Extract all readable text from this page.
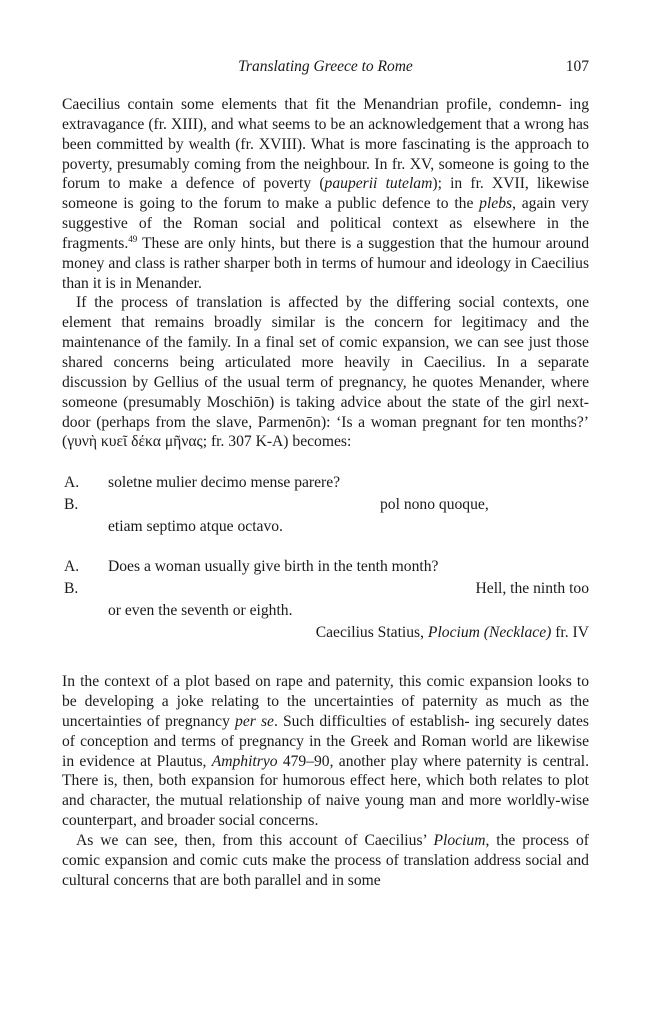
Translating Greece to Rome	107

Caecilius contain some elements that fit the Menandrian profile, condemn- ing extravagance (fr. XIII), and what seems to be an acknowledgement that a wrong has been committed by wealth (fr. XVIII). What is more fascinating is the approach to poverty, presumably coming from the neighbour. In fr. XV, someone is going to the forum to make a defence of poverty (pauperii tutelam); in fr. XVII, likewise someone is going to the forum to make a public defence to the plebs, again very suggestive of the Roman social and political context as elsewhere in the fragments.$^{49}$ These are only hints, but there is a suggestion that the humour around money and class is rather sharper both in terms of humour and ideology in Caecilius than it is in Menander.

If the process of translation is affected by the differing social contexts, one element that remains broadly similar is the concern for legitimacy and the maintenance of the family. In a final set of comic expansion, we can see just those shared concerns being articulated more heavily in Caecilius. In a separate discussion by Gellius of the usual term of pregnancy, he quotes Menander, where someone (presumably Moschiōn) is taking advice about the state of the girl next-door (perhaps from the slave, Parmenōn): ‘Is a woman pregnant for ten months?’ (γυνὴ κυεῖ δέκα μῆνας; fr. 307 K-A) becomes:

A. soletne mulier decimo mense parere?
B.	pol nono quoque,
etiam septimo atque octavo.
A. Does a woman usually give birth in the tenth month?
B.	Hell, the ninth too
or even the seventh or eighth.
Caecilius Statius, Plocium (Necklace) fr. IV

In the context of a plot based on rape and paternity, this comic expansion looks to be developing a joke relating to the uncertainties of paternity as much as the uncertainties of pregnancy per se. Such difficulties of establish- ing securely dates of conception and terms of pregnancy in the Greek and Roman world are likewise in evidence at Plautus, Amphitryo 479–90, another play where paternity is central. There is, then, both expansion for humorous effect here, which both relates to plot and character, the mutual relationship of naive young man and more worldly-wise counterpart, and broader social concerns.

As we can see, then, from this account of Caecilius’ Plocium, the process of comic expansion and comic cuts make the process of translation address social and cultural concerns that are both parallel and in some
